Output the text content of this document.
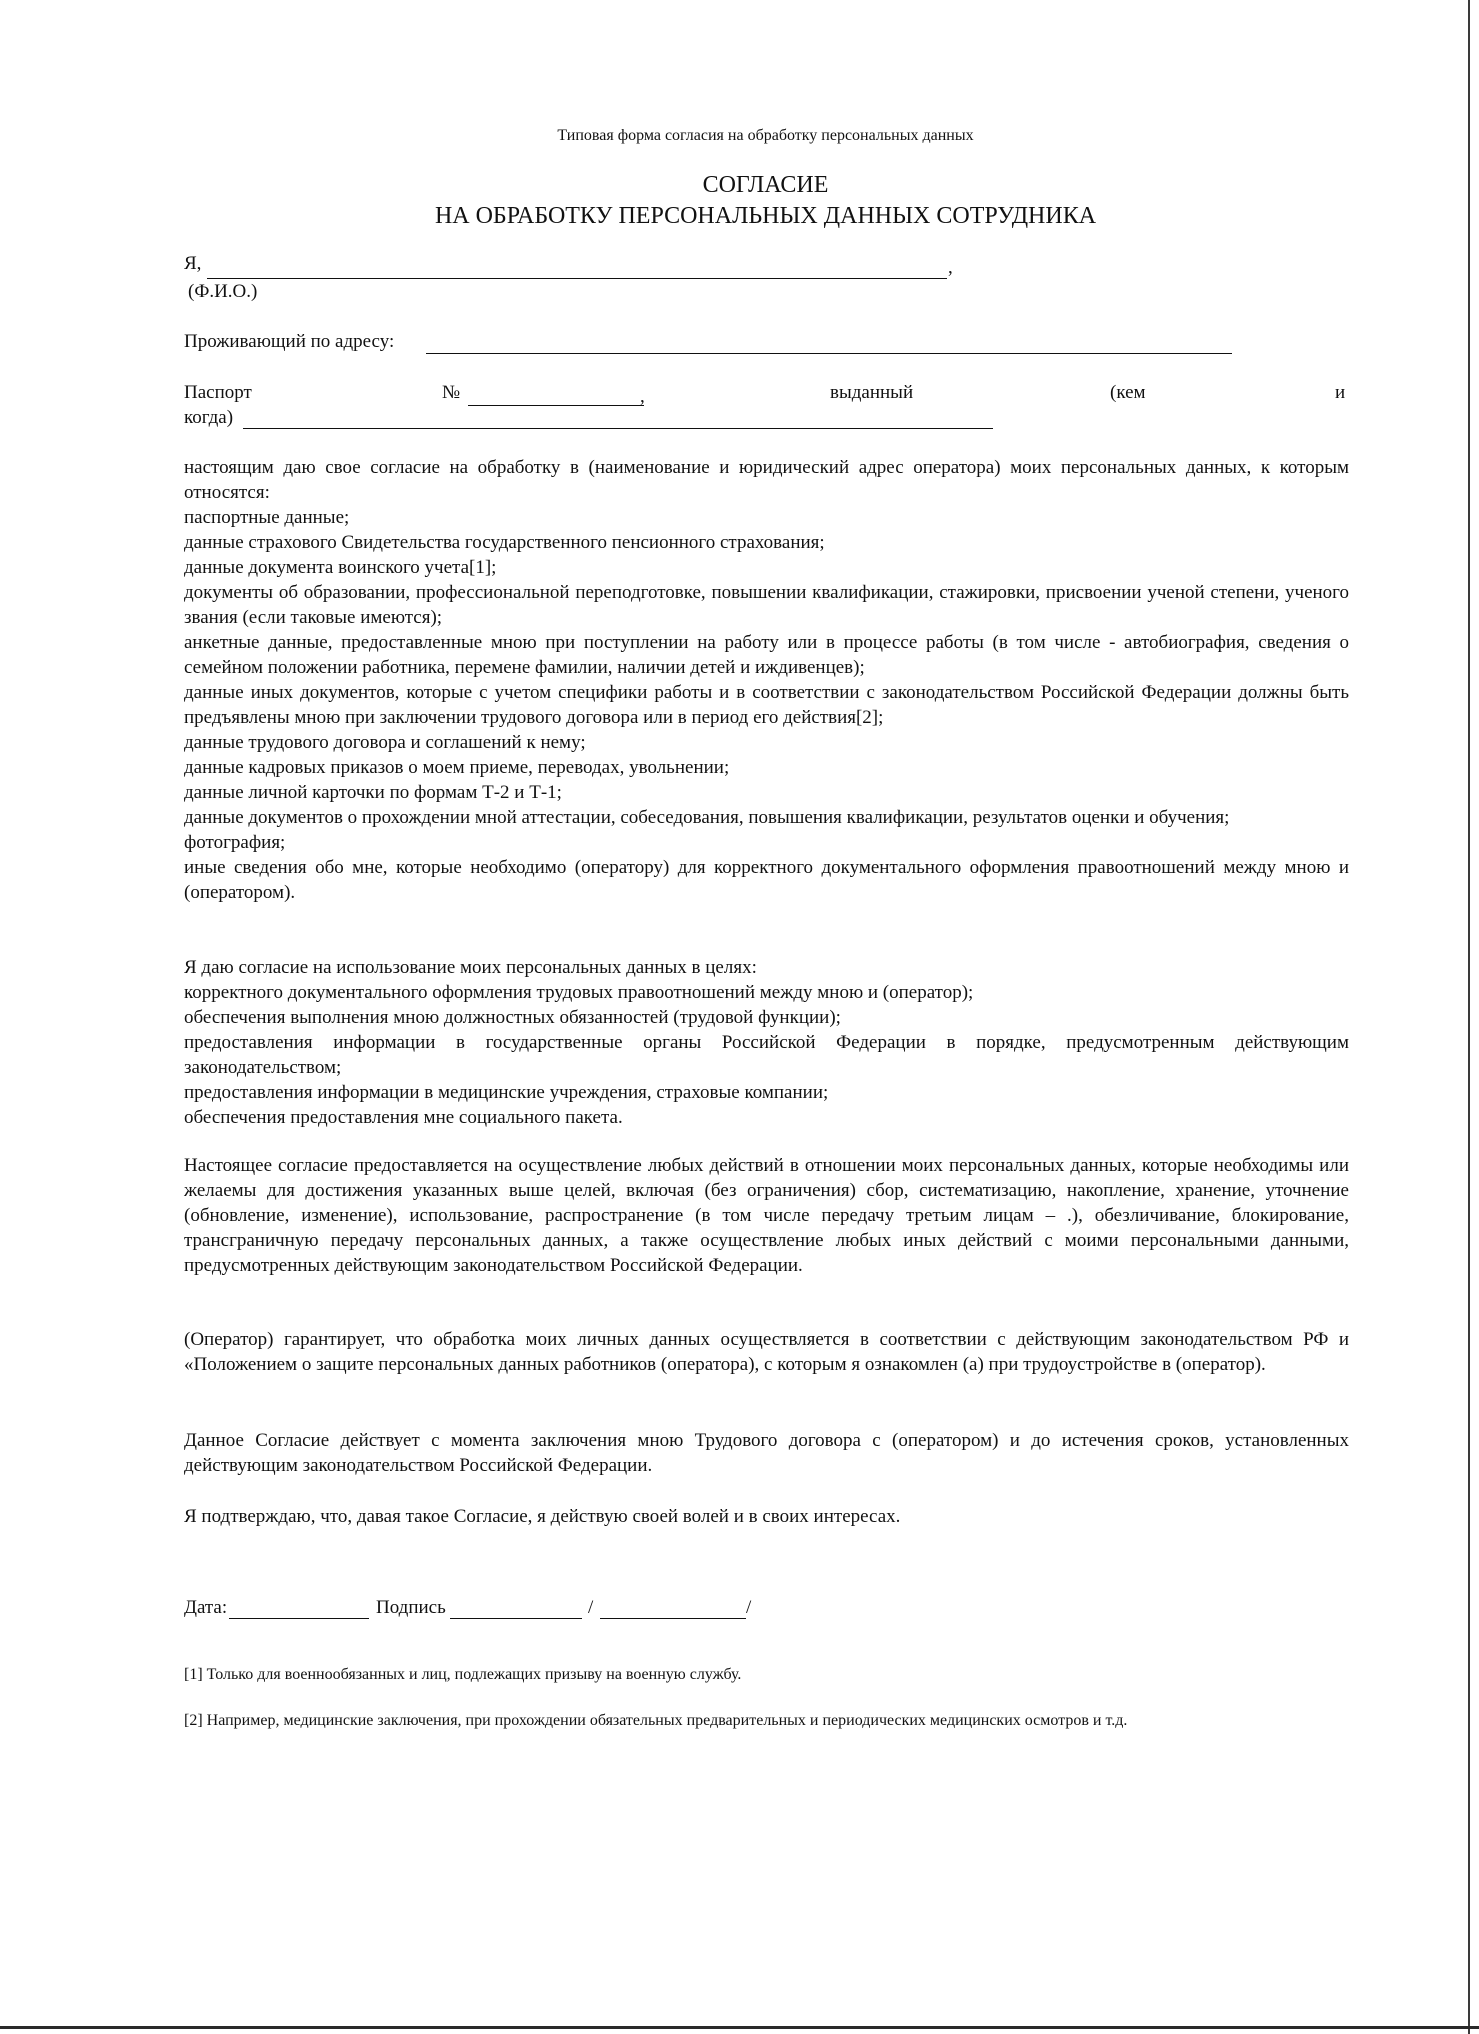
Типовая форма согласия на обработку персональных данных
СОГЛАСИЕ
НА ОБРАБОТКУ ПЕРСОНАЛЬНЫХ ДАННЫХ СОТРУДНИКА
Я,	,
(Ф.И.О.)
Проживающий по адресу:
Паспорт	№	,	выданный	(кем	и
когда)

настоящим даю свое согласие на обработку в (наименование и юридический адрес оператора) моих персональных данных, к которым относятся:

паспортные данные;

данные страхового Свидетельства государственного пенсионного страхования;

данные документа воинского учета[1];

документы об образовании, профессиональной переподготовке, повышении квалификации, стажировки, присвоении ученой степени, ученого звания (если таковые имеются);

анкетные данные, предоставленные мною при поступлении на работу или в процессе работы (в том числе - автобиография, сведения о семейном положении работника, перемене фамилии, наличии детей и иждивенцев);

данные иных документов, которые с учетом специфики работы и в соответствии с законодательством Российской Федерации должны быть предъявлены мною при заключении трудового договора или в период его действия[2];

данные трудового договора и соглашений к нему;

данные кадровых приказов о моем приеме, переводах, увольнении;

данные личной карточки по формам Т-2 и Т-1;

данные документов о прохождении мной аттестации, собеседования, повышения квалификации, результатов оценки и обучения;

фотография;

иные сведения обо мне, которые необходимо (оператору) для корректного документального оформления правоотношений между мною и (оператором).

Я даю согласие на использование моих персональных данных в целях:

корректного документального оформления трудовых правоотношений между мною и (оператор);

обеспечения выполнения мною должностных обязанностей (трудовой функции);

предоставления информации в государственные органы Российской Федерации в порядке, предусмотренным действующим законодательством;

предоставления информации в медицинские учреждения, страховые компании;

обеспечения предоставления мне социального пакета.

Настоящее согласие предоставляется на осуществление любых действий в отношении моих персональных данных, которые необходимы или желаемы для достижения указанных выше целей, включая (без ограничения) сбор, систематизацию, накопление, хранение, уточнение (обновление, изменение), использование, распространение (в том числе передачу третьим лицам – .), обезличивание, блокирование, трансграничную передачу персональных данных, а также осуществление любых иных действий с моими персональными данными, предусмотренных действующим законодательством Российской Федерации.

(Оператор) гарантирует, что обработка моих личных данных осуществляется в соответствии с действующим законодательством РФ и «Положением о защите персональных данных работников (оператора), с которым я ознакомлен (а) при трудоустройстве в (оператор).

Данное Согласие действует с момента заключения мною Трудового договора с (оператором) и до истечения сроков, установленных действующим законодательством Российской Федерации.

Я подтверждаю, что, давая такое Согласие, я действую своей волей и в своих интересах.

Дата:	Подпись	/	/
[1] Только для военнообязанных и лиц, подлежащих призыву на военную службу.
[2] Например, медицинские заключения, при прохождении обязательных предварительных и периодических медицинских осмотров и т.д.
